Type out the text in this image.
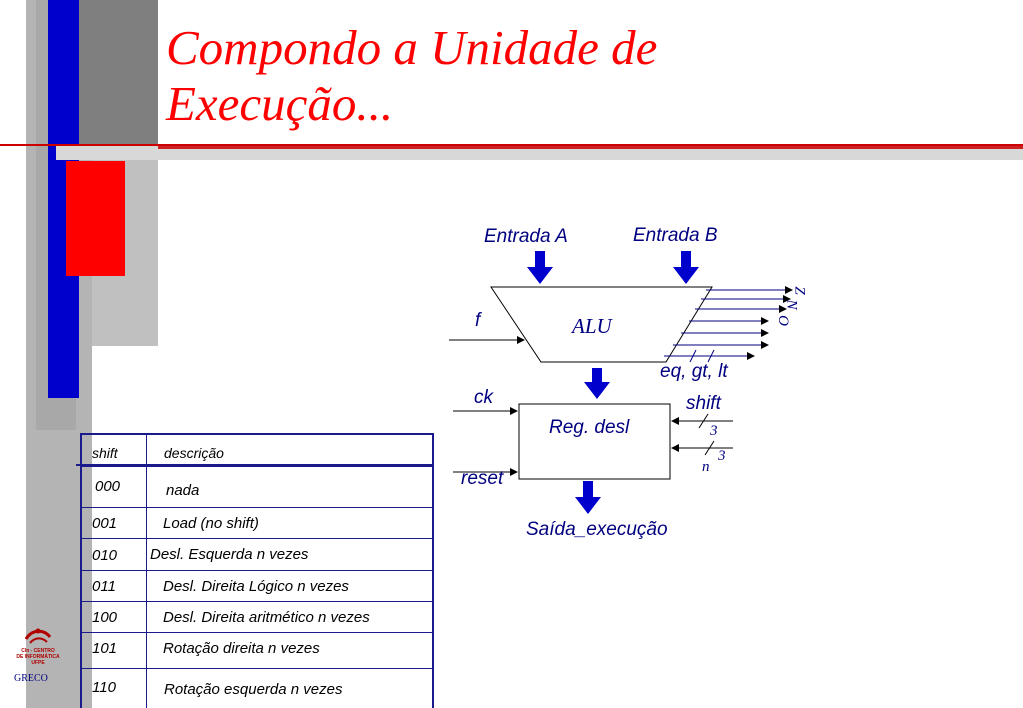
Compondo a Unidade de
Execução...
Entrada A	Entrada B
ALU
f
Z
N
O
eq, gt, lt
ck
Reg. desl
shift
3
n
3
reset
Saída_execução
shift	descrição
000	nada
001	Load (no shift)
010 Desl. Esquerda n vezes
011	Desl. Direita Lógico n vezes
100	Desl. Direita aritmético n vezes
101	Rotação direita n vezes
110	Rotação esquerda n vezes
CIn - CENTRO
DE INFORMÁTICA
UFPE
GRECO
